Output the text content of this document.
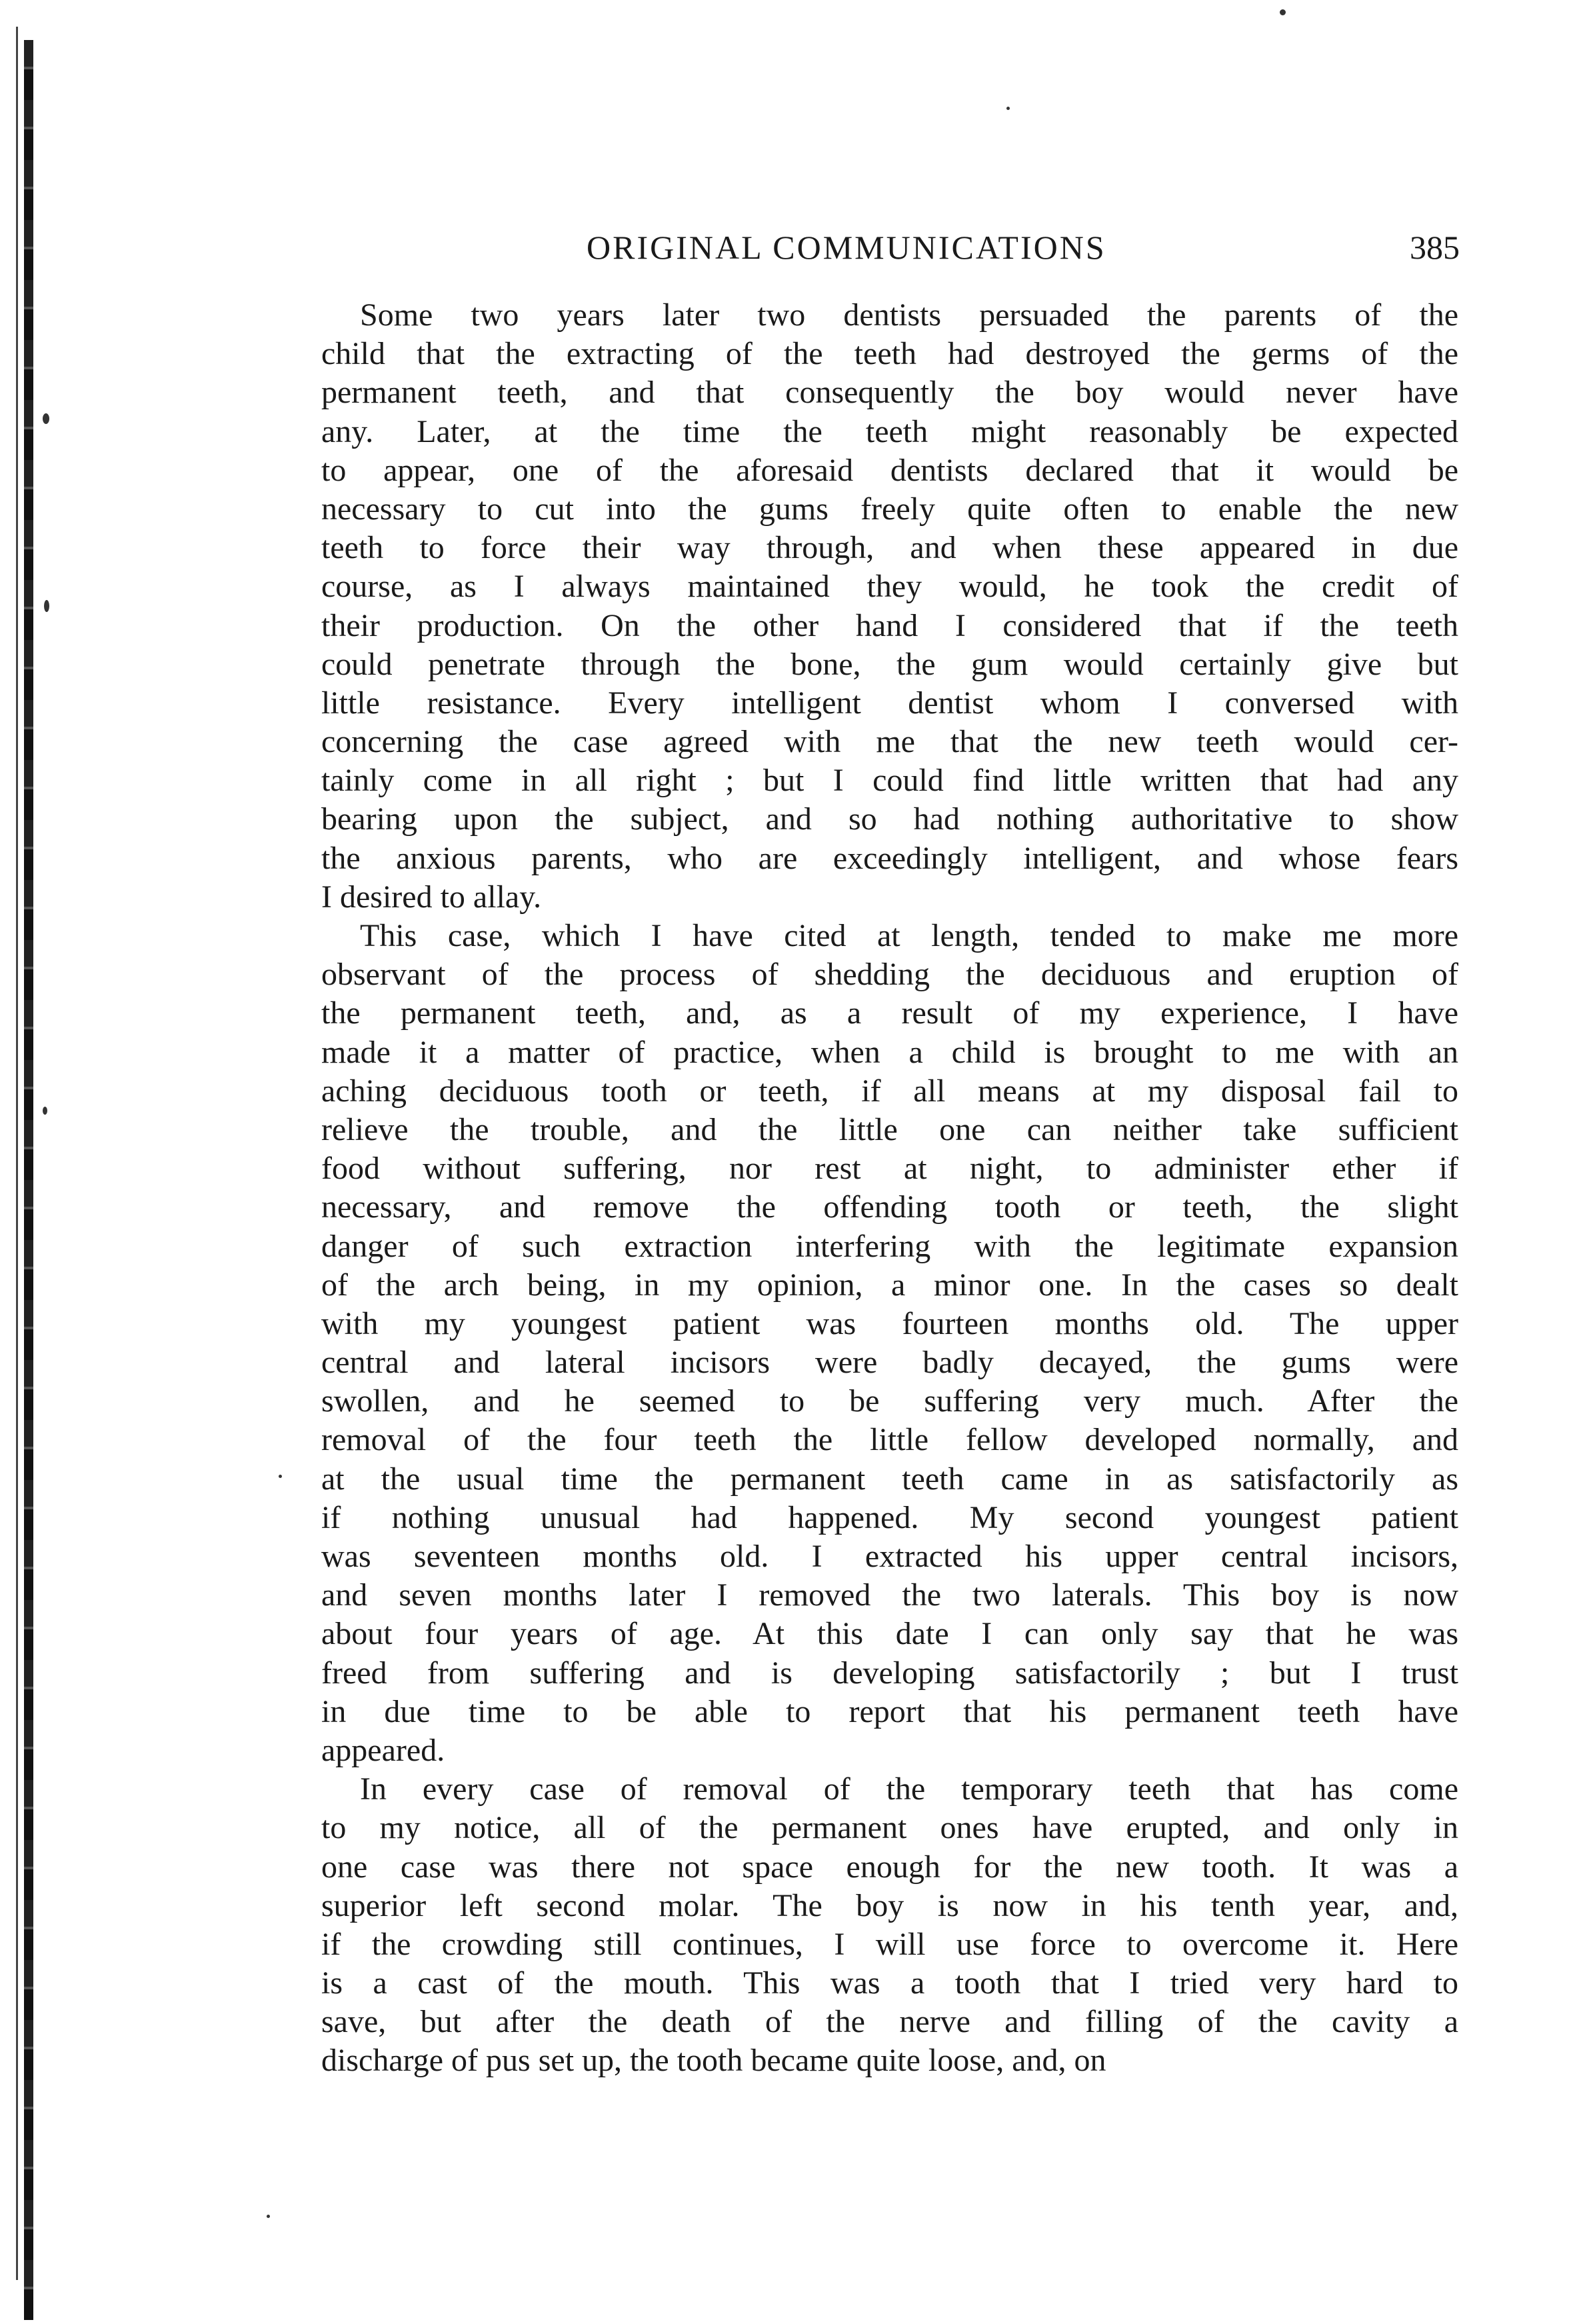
ORIGINAL COMMUNICATIONS	385
Some two years later two dentists persuaded the parents of the
child that the extracting of the teeth had destroyed the germs of the
permanent teeth, and that consequently the boy would never have
any. Later, at the time the teeth might reasonably be expected
to appear, one of the aforesaid dentists declared that it would be
necessary to cut into the gums freely quite often to enable the new
teeth to force their way through, and when these appeared in due
course, as I always maintained they would, he took the credit of
their production. On the other hand I considered that if the teeth
could penetrate through the bone, the gum would certainly give but
little resistance. Every intelligent dentist whom I conversed with
concerning the case agreed with me that the new teeth would cer-
tainly come in all right ; but I could find little written that had any
bearing upon the subject, and so had nothing authoritative to show
the anxious parents, who are exceedingly intelligent, and whose fears
I desired to allay.
This case, which I have cited at length, tended to make me more
observant of the process of shedding the deciduous and eruption of
the permanent teeth, and, as a result of my experience, I have
made it a matter of practice, when a child is brought to me with an
aching deciduous tooth or teeth, if all means at my disposal fail to
relieve the trouble, and the little one can neither take sufficient
food without suffering, nor rest at night, to administer ether if
necessary, and remove the offending tooth or teeth, the slight
danger of such extraction interfering with the legitimate expansion
of the arch being, in my opinion, a minor one. In the cases so dealt
with my youngest patient was fourteen months old. The upper
central and lateral incisors were badly decayed, the gums were
swollen, and he seemed to be suffering very much. After the
removal of the four teeth the little fellow developed normally, and
at the usual time the permanent teeth came in as satisfactorily as
if nothing unusual had happened. My second youngest patient
was seventeen months old. I extracted his upper central incisors,
and seven months later I removed the two laterals. This boy is now
about four years of age. At this date I can only say that he was
freed from suffering and is developing satisfactorily ; but I trust
in due time to be able to report that his permanent teeth have
appeared.
In every case of removal of the temporary teeth that has come
to my notice, all of the permanent ones have erupted, and only in
one case was there not space enough for the new tooth. It was a
superior left second molar. The boy is now in his tenth year, and,
if the crowding still continues, I will use force to overcome it. Here
is a cast of the mouth. This was a tooth that I tried very hard to
save, but after the death of the nerve and filling of the cavity a
discharge of pus set up, the tooth became quite loose, and, on
